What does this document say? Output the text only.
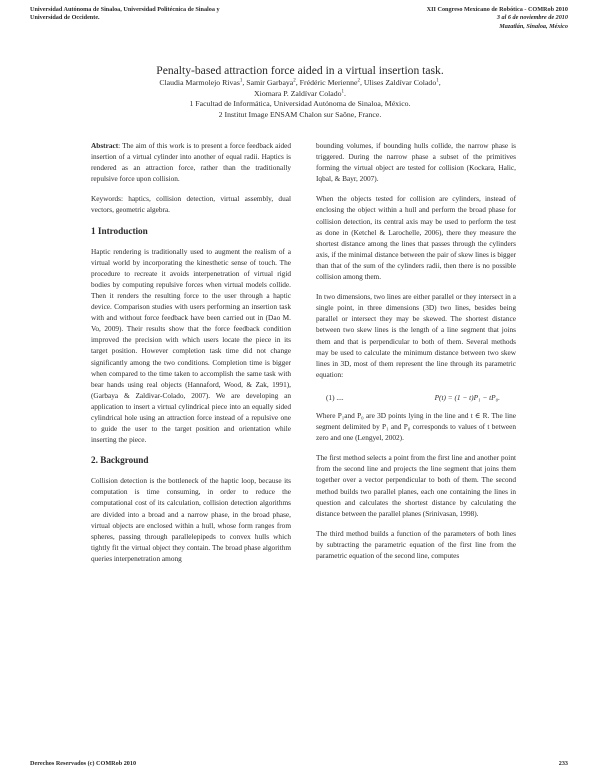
Universidad Autónoma de Sinaloa, Universidad Politécnica de Sinaloa y
Universidad de Occidente.
XII Congreso Mexicano de Robótica - COMRob 2010
3 al 6 de noviembre de 2010
Mazatlán, Sinaloa, México
Penalty-based attraction force aided in a virtual insertion task.
Claudia Marmolejo Rivas$^1$, Samir Garbaya$^2$, Frédéric Merienne$^2$, Ulises Zaldívar Colado$^1$,
Xiomara P. Zaldívar Colado$^1$.
1 Facultad de Informática, Universidad Autónoma de Sinaloa, México.
2 Institut Image ENSAM Chalon sur Saône, France.

Abstract: The aim of this work is to present a force feedback aided insertion of a virtual cylinder into another of equal radii. Haptics is rendered as an attraction force, rather than the traditionally repulsive force upon collision.

Keywords: haptics, collision detection, virtual assembly, dual vectors, geometric algebra.

1 Introduction

Haptic rendering is traditionally used to augment the realism of a virtual world by incorporating the kinesthetic sense of touch. The procedure to recreate it avoids interpenetration of virtual rigid bodies by computing repulsive forces when virtual models collide. Then it renders the resulting force to the user through a haptic device. Comparison studies with users performing an insertion task with and without force feedback have been carried out in (Dao M. Vo, 2009). Their results show that the force feedback condition improved the precision with which users locate the piece in its target position. However completion task time did not change significantly among the two conditions. Completion time is bigger when compared to the time taken to accomplish the same task with bear hands using real objects (Hannaford, Wood, & Zak, 1991), (Garbaya & Zaldivar-Colado, 2007). We are developing an application to insert a virtual cylindrical piece into an equally sided cylindrical hole using an attraction force instead of a repulsive one to guide the user to the target position and orientation while inserting the piece.

2. Background

Collision detection is the bottleneck of the haptic loop, because its computation is time consuming, in order to reduce the computational cost of its calculation, collision detection algorithms are divided into a broad and a narrow phase, in the broad phase, virtual objects are enclosed within a hull, whose form ranges from spheres, passing through parallelepipeds to convex hulls which tightly fit the virtual object they contain. The broad phase algorithm queries interpenetration among

bounding volumes, if bounding hulls collide, the narrow phase is triggered. During the narrow phase a subset of the primitives forming the virtual object are tested for collision (Kockara, Halic, Iqbal, & Bayr, 2007).

When the objects tested for collision are cylinders, instead of enclosing the object within a hull and perform the broad phase for collision detection, its central axis may be used to perform the test as done in (Ketchel & Larochelle, 2006), there they measure the shortest distance among the lines that passes through the cylinders axis, if the minimal distance between the pair of skew lines is bigger than that of the sum of the cylinders radii, then there is no possible collision among them.

In two dimensions, two lines are either parallel or they intersect in a single point, in three dimensions (3D) two lines, besides being parallel or intersect they may be skewed. The shortest distance between two skew lines is the length of a line segment that joins them and that is perpendicular to both of them. Several methods may be used to calculate the minimum distance between two skew lines in 3D, most of them represent the line through its parametric equation:

(1) ....	P(t) = (1 − t)P₁ − tP₀.

Where P₁and P₀ are 3D points lying in the line and t ∈ R. The line segment delimited by P₁ and P₀ corresponds to values of t between zero and one (Lengyel, 2002).

The first method selects a point from the first line and another point from the second line and projects the line segment that joins them together over a vector perpendicular to both of them. The second method builds two parallel planes, each one containing the lines in question and calculates the shortest distance by calculating the distance between the parallel planes (Srinivasan, 1998).

The third method builds a function of the parameters of both lines by subtracting the parametric equation of the first line from the parametric equation of the second line, computes

Derechos Reservados (c) COMRob 2010	233
